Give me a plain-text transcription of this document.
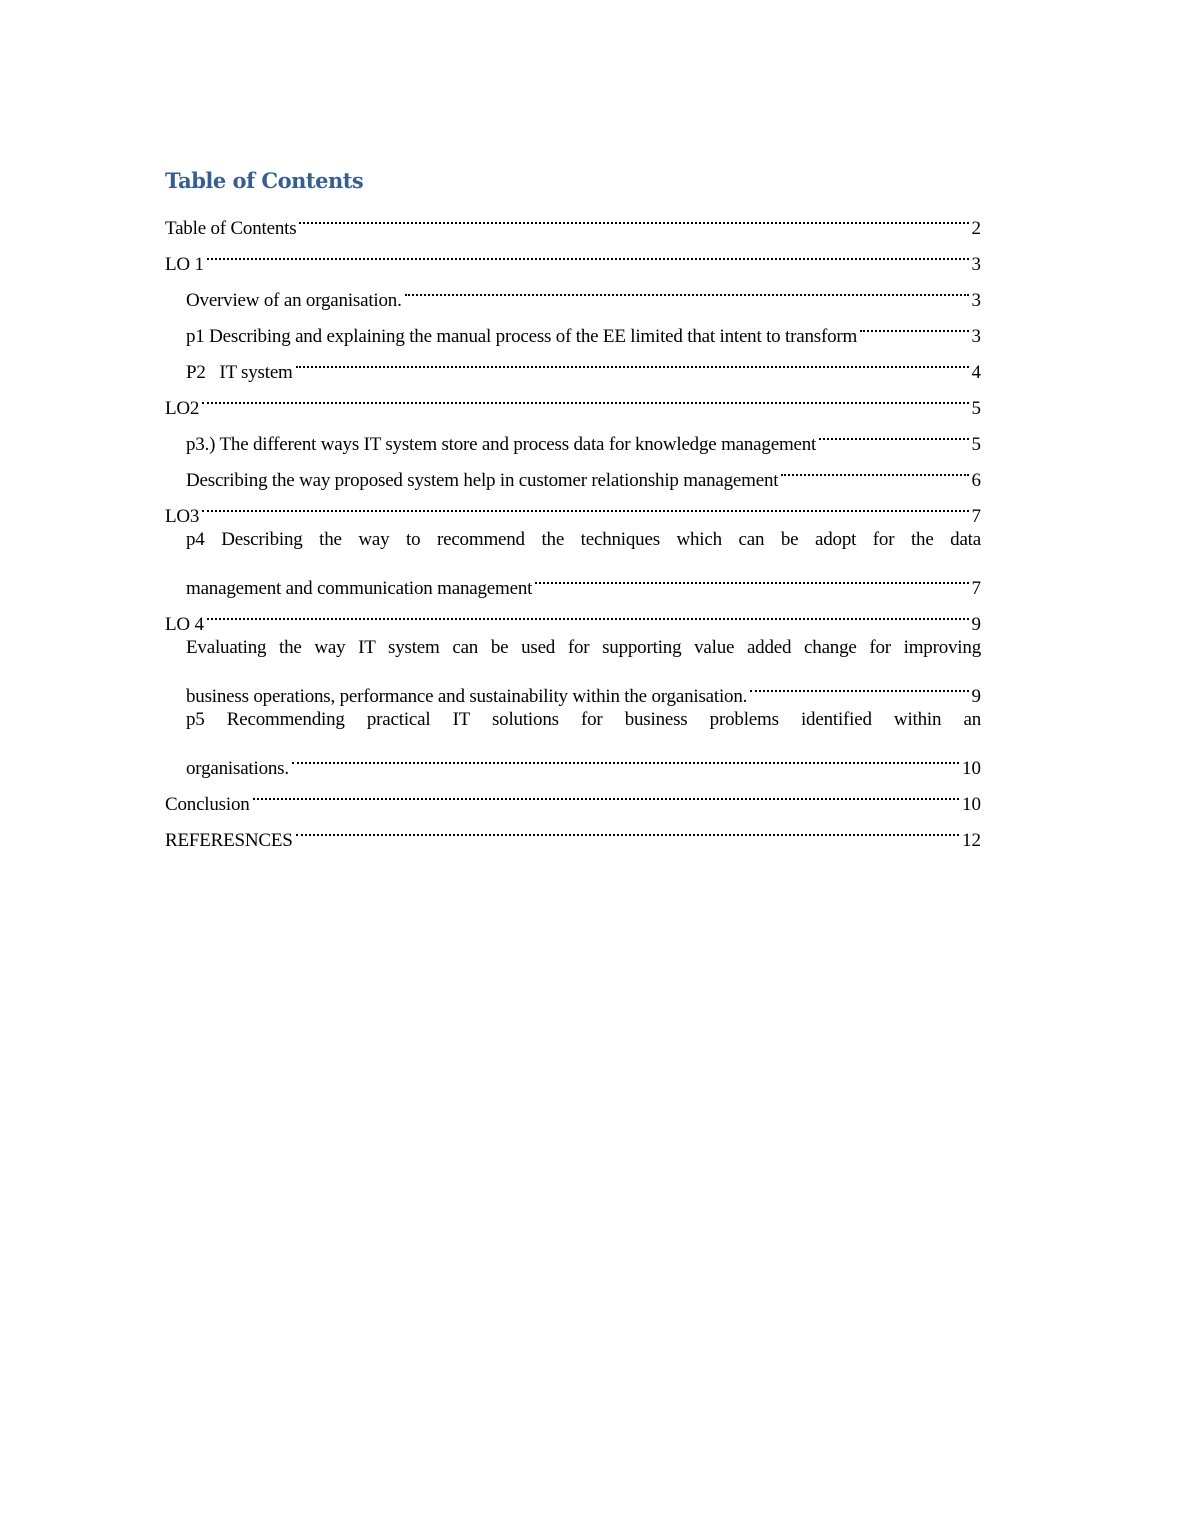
Table of Contents
Table of Contents	2
LO 1	3
Overview of an organisation.	3
p1 Describing and explaining the manual process of the EE limited that intent to transform	3
P2   IT system	4
LO2	5
p3.) The different ways IT system store and process data for knowledge management	5
Describing the way proposed system help in customer relationship management	6
LO3	7
p4 Describing the way to recommend the techniques which can be adopt for the data
management and communication management	7
LO 4	9
Evaluating the way IT system can be used for supporting value added change for improving
business operations, performance and sustainability within the organisation.	9
p5 Recommending practical IT solutions for business problems identified within an
organisations.	10
Conclusion	10
REFERESNCES	12
